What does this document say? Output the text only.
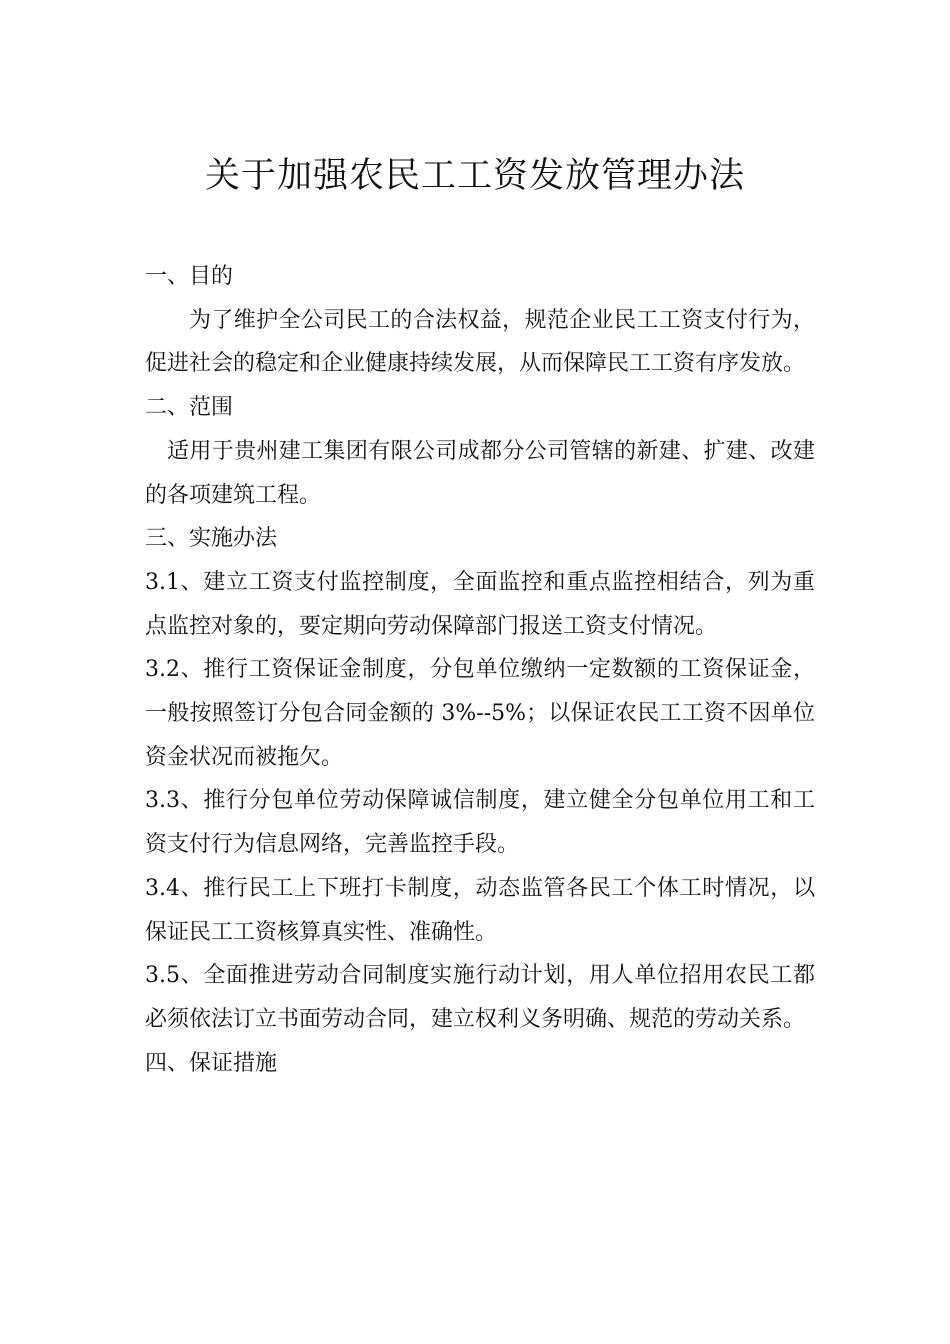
关于加强农民工工资发放管理办法

一、目的

为了维护全公司民工的合法权益，规范企业民工工资支付行为，促进社会的稳定和企业健康持续发展，从而保障民工工资有序发放。

二、范围

适用于贵州建工集团有限公司成都分公司管辖的新建、扩建、改建的各项建筑工程。

三、实施办法

3.1、建立工资支付监控制度，全面监控和重点监控相结合，列为重点监控对象的，要定期向劳动保障部门报送工资支付情况。

3.2、推行工资保证金制度，分包单位缴纳一定数额的工资保证金，一般按照签订分包合同金额的 3%--5%；以保证农民工工资不因单位资金状况而被拖欠。

3.3、推行分包单位劳动保障诚信制度，建立健全分包单位用工和工资支付行为信息网络，完善监控手段。

3.4、推行民工上下班打卡制度，动态监管各民工个体工时情况，以保证民工工资核算真实性、准确性。

3.5、全面推进劳动合同制度实施行动计划，用人单位招用农民工都必须依法订立书面劳动合同，建立权利义务明确、规范的劳动关系。

四、保证措施
